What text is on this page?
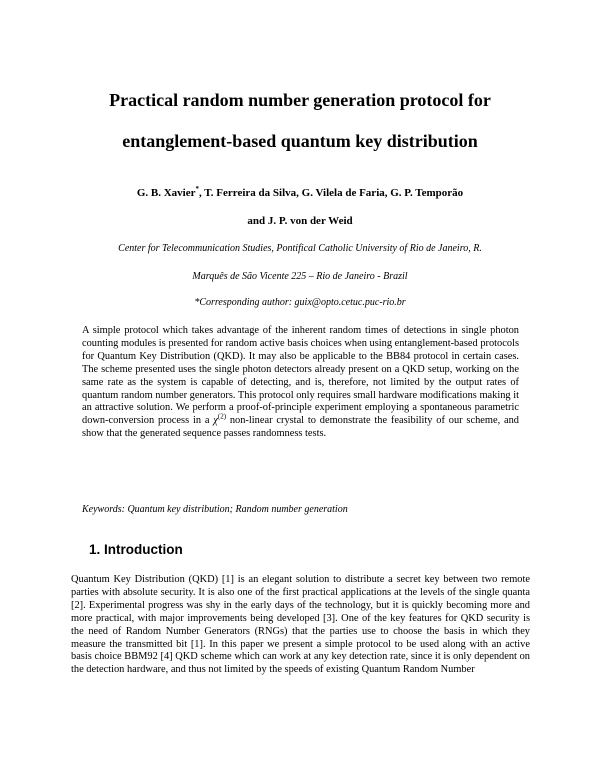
Practical random number generation protocol for
entanglement-based quantum key distribution
G. B. Xavier*, T. Ferreira da Silva, G. Vilela de Faria, G. P. Temporão
and J. P. von der Weid
Center for Telecommunication Studies, Pontifical Catholic University of Rio de Janeiro, R.
Marquês de São Vicente 225 – Rio de Janeiro - Brazil
*Corresponding author: guix@opto.cetuc.puc-rio.br

A simple protocol which takes advantage of the inherent random times of detections in single photon counting modules is presented for random active basis choices when using entanglement-based protocols for Quantum Key Distribution (QKD). It may also be applicable to the BB84 protocol in certain cases. The scheme presented uses the single photon detectors already present on a QKD setup, working on the same rate as the system is capable of detecting, and is, therefore, not limited by the output rates of quantum random number generators. This protocol only requires small hardware modifications making it an attractive solution. We perform a proof-of-principle experiment employing a spontaneous parametric down-conversion process in a $\chi^{(2)}$ non-linear crystal to demonstrate the feasibility of our scheme, and show that the generated sequence passes randomness tests.

Keywords: Quantum key distribution; Random number generation
1. Introduction

Quantum Key Distribution (QKD) [1] is an elegant solution to distribute a secret key between two remote parties with absolute security. It is also one of the first practical applications at the levels of the single quanta [2]. Experimental progress was shy in the early days of the technology, but it is quickly becoming more and more practical, with major improvements being developed [3]. One of the key features for QKD security is the need of Random Number Generators (RNGs) that the parties use to choose the basis in which they measure the transmitted bit [1]. In this paper we present a simple protocol to be used along with an active basis choice BBM92 [4] QKD scheme which can work at any key detection rate, since it is only dependent on the detection hardware, and thus not limited by the speeds of existing Quantum Random Number
